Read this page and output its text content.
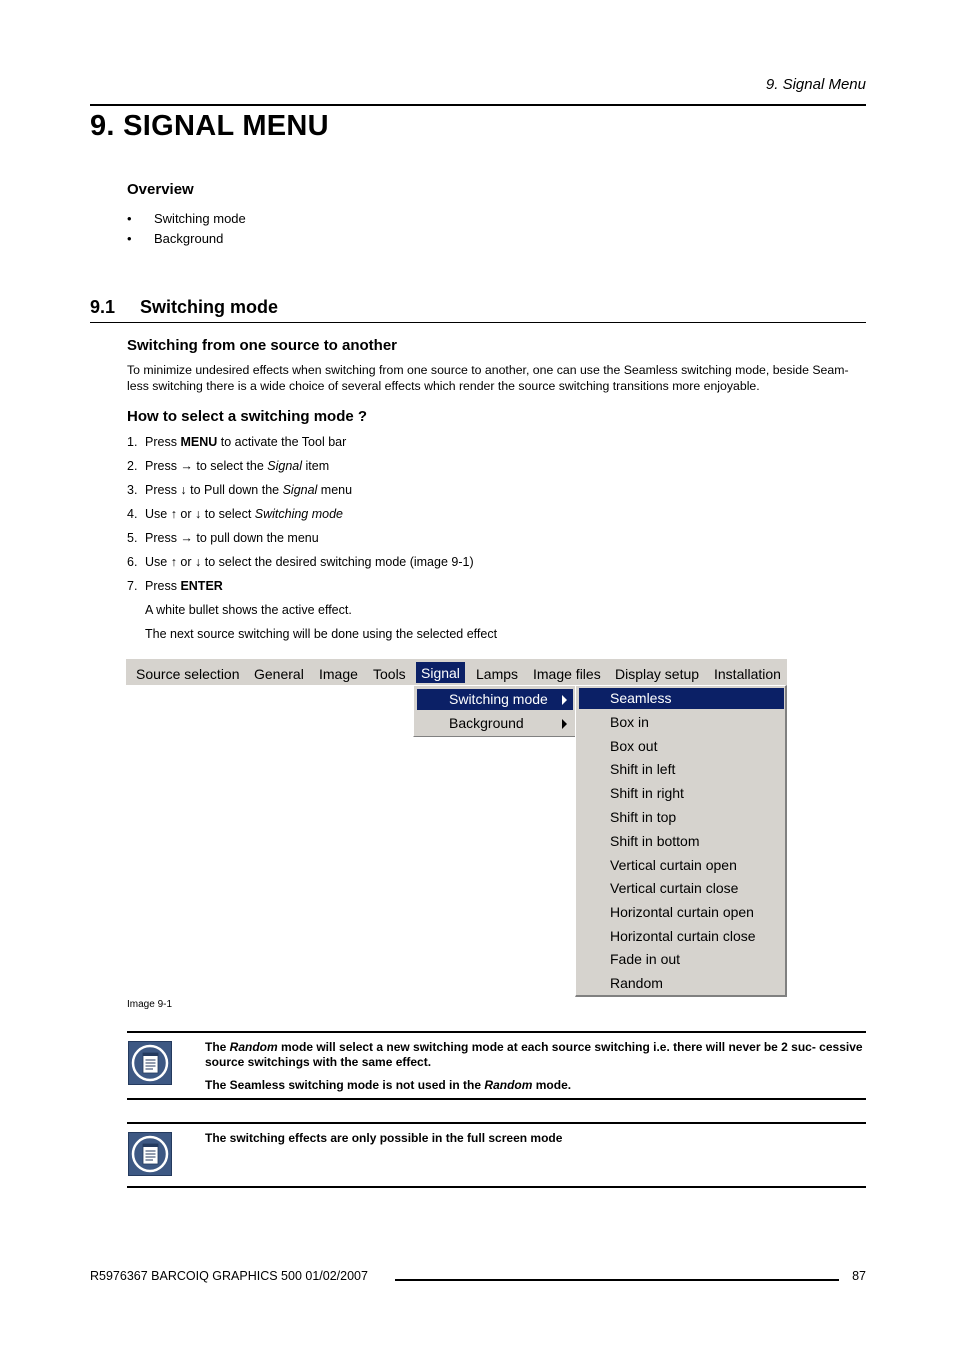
9. Signal Menu
9. SIGNAL MENU
Overview
• Switching mode
• Background
9.1 Switching mode
Switching from one source to another
To minimize undesired effects when switching from one source to another, one can use the Seamless switching mode, beside Seam- less switching there is a wide choice of several effects which render the source switching transitions more enjoyable.
How to select a switching mode ?
1. Press MENU to activate the Tool bar
2. Press → to select the Signal item
3. Press ↓ to Pull down the Signal menu
4. Use ↑ or ↓ to select Switching mode
5. Press → to pull down the menu
6. Use ↑ or ↓ to select the desired switching mode (image 9-1)
7. Press ENTER
A white bullet shows the active effect.
The next source switching will be done using the selected effect
Source selection	General	Image	Tools	Signal	Lamps	Image files	Display setup	Installation
Switching mode
Background
Seamless
Box in
Box out
Shift in left
Shift in right
Shift in top
Shift in bottom
Vertical curtain open
Vertical curtain close
Horizontal curtain open
Horizontal curtain close
Fade in out
Random
Image 9-1
The Random mode will select a new switching mode at each source switching i.e. there will never be 2 suc- cessive source switchings with the same effect.
The Seamless switching mode is not used in the Random mode.
The switching effects are only possible in the full screen mode
R5976367 BARCOIQ GRAPHICS 500 01/02/2007	87
